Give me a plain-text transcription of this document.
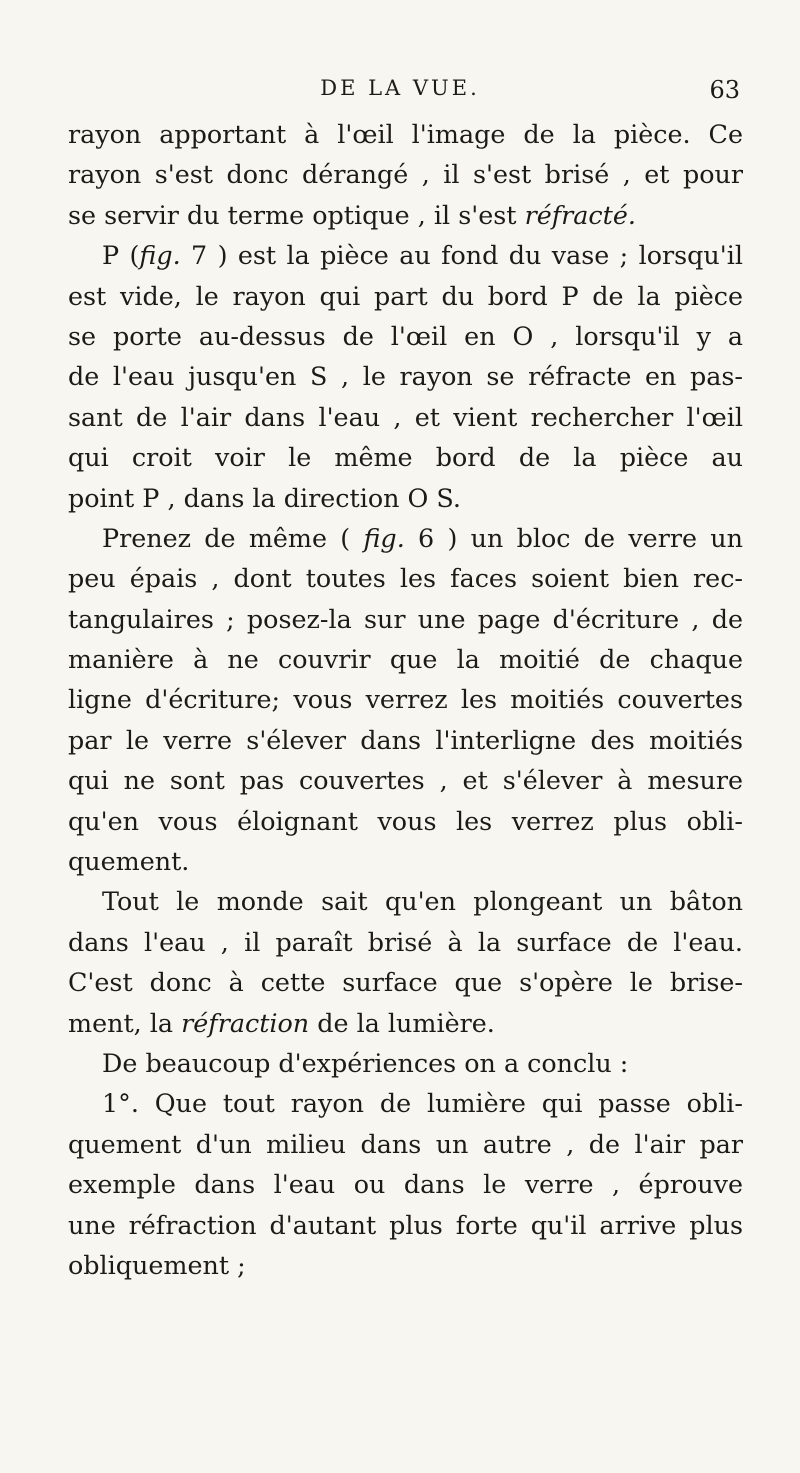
DE LA VUE.	63
rayon apportant à l'œil l'image de la pièce. Ce
rayon s'est donc dérangé , il s'est brisé , et pour
se servir du terme optique , il s'est réfracté.
P (fig. 7 ) est la pièce au fond du vase ; lorsqu'il
est vide, le rayon qui part du bord P de la pièce
se porte au-dessus de l'œil en O , lorsqu'il y a
de l'eau jusqu'en S , le rayon se réfracte en pas-
sant de l'air dans l'eau , et vient rechercher l'œil
qui croit voir le même bord de la pièce au
point P , dans la direction O S.
Prenez de même ( fig. 6 ) un bloc de verre un
peu épais , dont toutes les faces soient bien rec-
tangulaires ; posez-la sur une page d'écriture , de
manière à ne couvrir que la moitié de chaque
ligne d'écriture; vous verrez les moitiés couvertes
par le verre s'élever dans l'interligne des moitiés
qui ne sont pas couvertes , et s'élever à mesure
qu'en vous éloignant vous les verrez plus obli-
quement.
Tout le monde sait qu'en plongeant un bâton
dans l'eau , il paraît brisé à la surface de l'eau.
C'est donc à cette surface que s'opère le brise-
ment, la réfraction de la lumière.
De beaucoup d'expériences on a conclu :
1°. Que tout rayon de lumière qui passe obli-
quement d'un milieu dans un autre , de l'air par
exemple dans l'eau ou dans le verre , éprouve
une réfraction d'autant plus forte qu'il arrive plus
obliquement ;
